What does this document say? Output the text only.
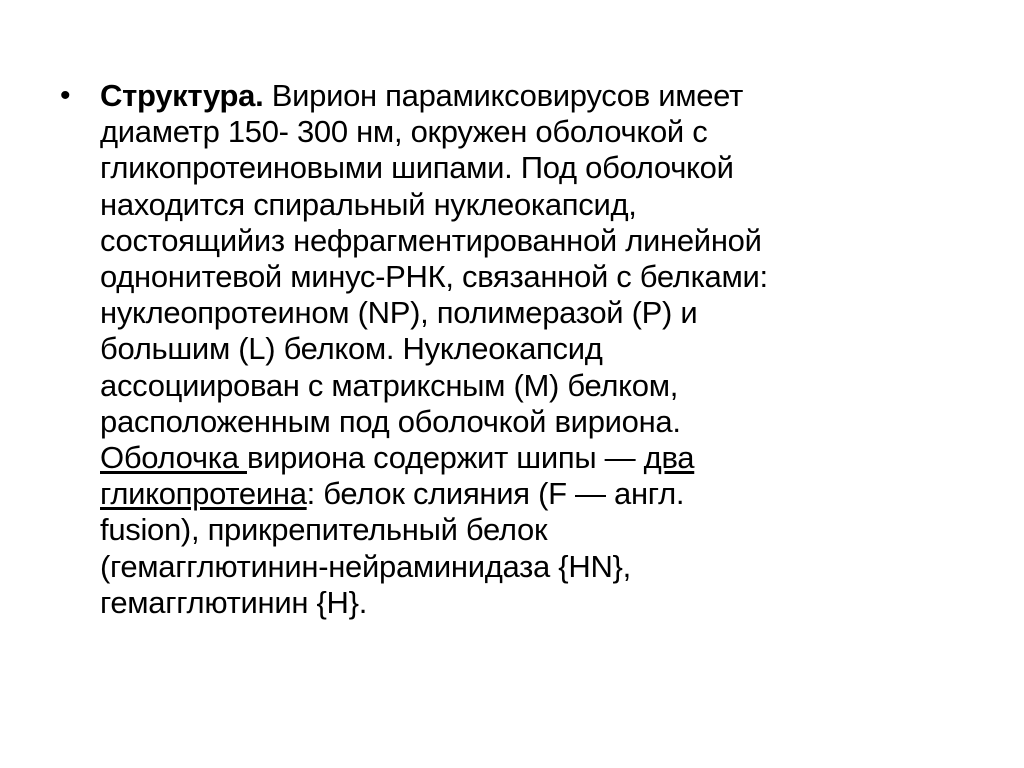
• Структура. Вирион парамиксовирусов имеет
диаметр 150- 300 нм, окружен оболочкой с
гликопротеиновыми шипами. Под оболочкой
находится спиральный нуклеокапсид,
состоящийиз нефрагментированной линейной
однонитевой минус-РНК, связанной с белками:
нуклеопротеином (NP), полимеразой (P) и
большим (L) белком. Нуклеокапсид
ассоциирован с матриксным (M) белком,
расположенным под оболочкой вириона.
Оболочка вириона содержит шипы — два
гликопротеина: белок слияния (F — англ.
fusion), прикрепительный белок
(гемагглютинин-нейраминидаза {HN},
гемагглютинин {H}.
